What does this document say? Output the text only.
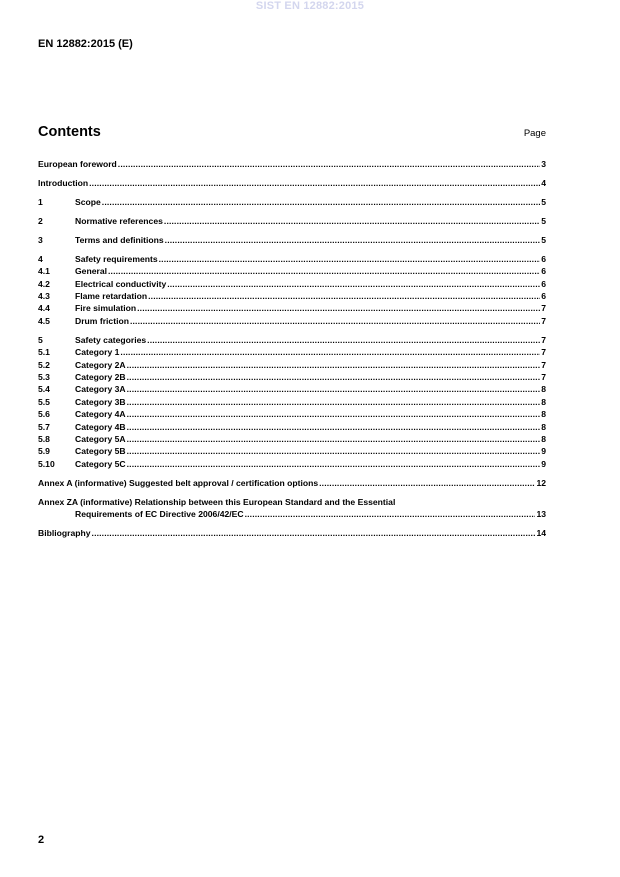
SIST EN 12882:2015
EN 12882:2015 (E)
Contents	Page
European foreword .....	3
Introduction .....	4
1	Scope .....	5
2	Normative references .....	5
3	Terms and definitions .....	5
4	Safety requirements .....	6
4.1	General .....	6
4.2	Electrical conductivity .....	6
4.3	Flame retardation .....	6
4.4	Fire simulation .....	7
4.5	Drum friction .....	7
5	Safety categories .....	7
5.1	Category 1 .....	7
5.2	Category 2A .....	7
5.3	Category 2B .....	7
5.4	Category 3A .....	8
5.5	Category 3B .....	8
5.6	Category 4A .....	8
5.7	Category 4B .....	8
5.8	Category 5A .....	8
5.9	Category 5B .....	9
5.10	Category 5C .....	9
Annex A (informative) Suggested belt approval / certification options .....	12
Annex ZA (informative) Relationship between this European Standard and the Essential
Requirements of EC Directive 2006/42/EC .....	13
Bibliography .....	14
2
